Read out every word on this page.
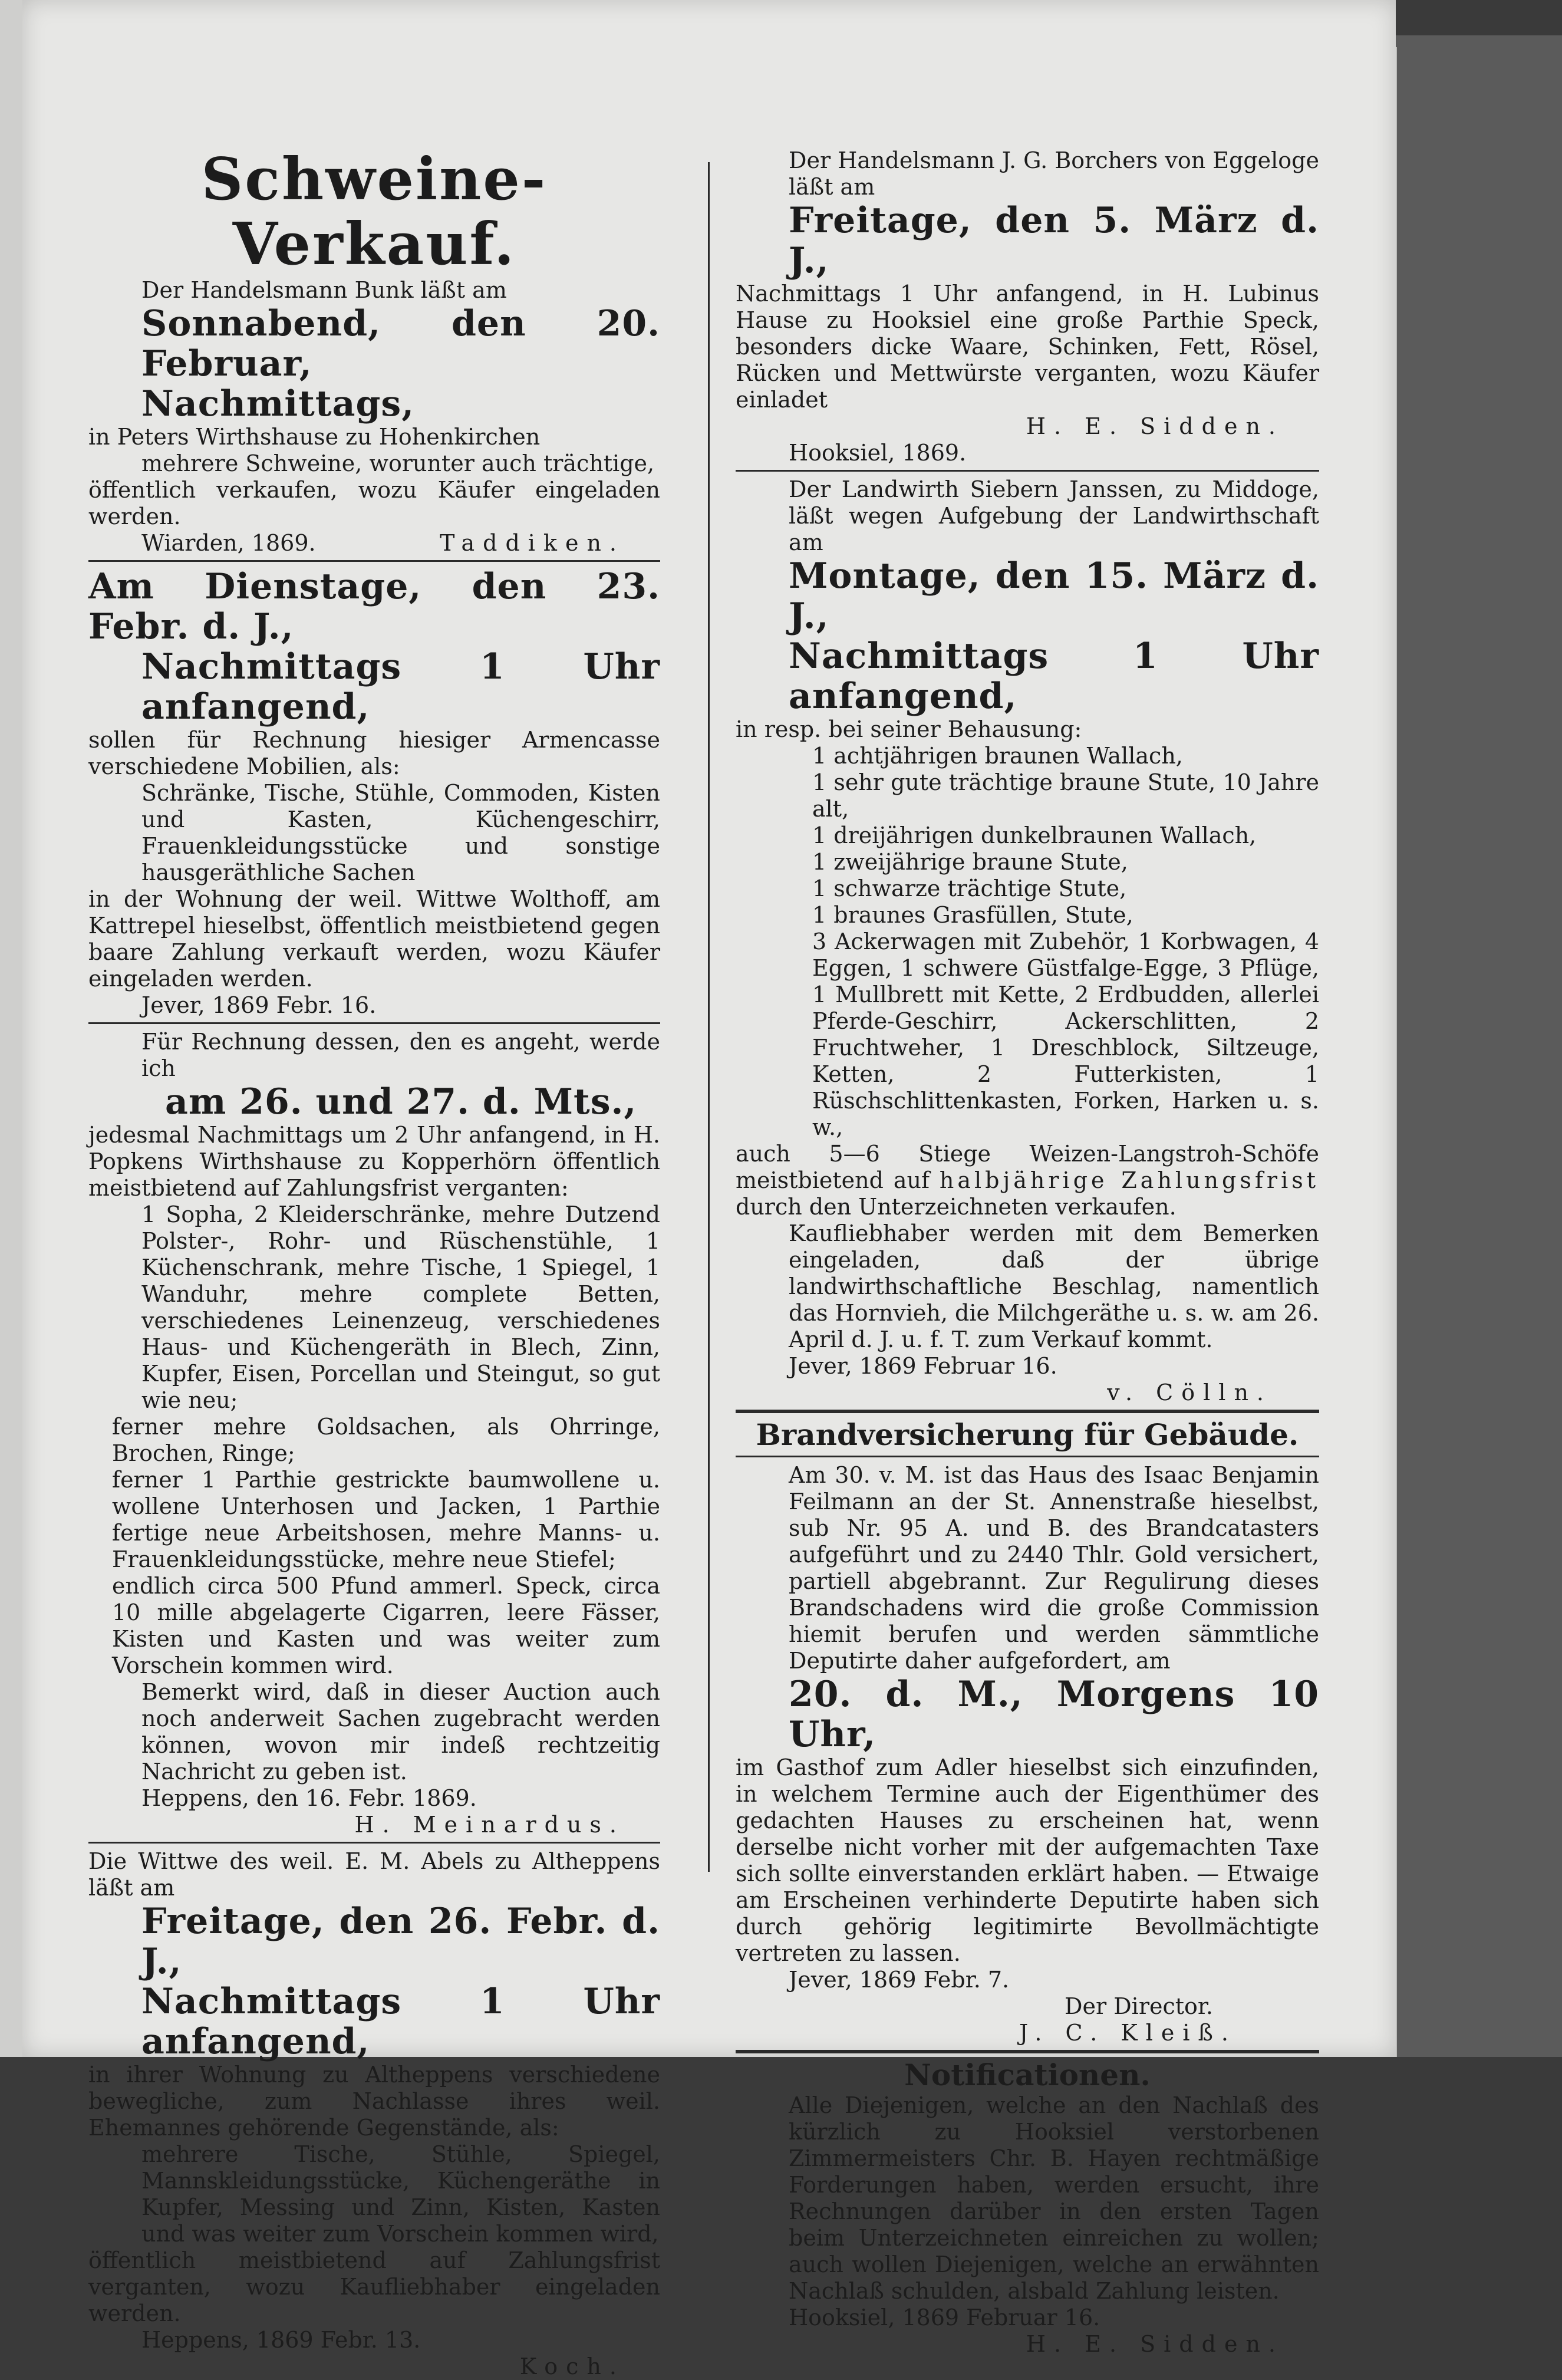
Schweine-Verkauf.

Der Handelsmann Bunk läßt am

Sonnabend, den 20. Februar,

Nachmittags,

in Peters Wirthshause zu Hohenkirchen

mehrere Schweine, worunter auch trächtige,

öffentlich verkaufen, wozu Käufer eingeladen werden.

Wiarden, 1869.	Taddiken.

Am Dienstage, den 23. Febr. d. J.,

Nachmittags 1 Uhr anfangend,

sollen für Rechnung hiesiger Armencasse verschiedene Mobilien, als:

Schränke, Tische, Stühle, Commoden, Kisten und Kasten, Küchengeschirr, Frauenkleidungsstücke und sonstige hausgeräthliche Sachen

in der Wohnung der weil. Wittwe Wolthoff, am Kattrepel hieselbst, öffentlich meistbietend gegen baare Zahlung verkauft werden, wozu Käufer eingeladen werden.

Jever, 1869 Febr. 16.

Für Rechnung dessen, den es angeht, werde ich

am 26. und 27. d. Mts.,

jedesmal Nachmittags um 2 Uhr anfangend, in H. Popkens Wirthshause zu Kopperhörn öffentlich meistbietend auf Zahlungsfrist verganten:

1 Sopha, 2 Kleiderschränke, mehre Dutzend Polster-, Rohr- und Rüschenstühle, 1 Küchenschrank, mehre Tische, 1 Spiegel, 1 Wanduhr, mehre complete Betten, verschiedenes Leinenzeug, verschiedenes Haus- und Küchengeräth in Blech, Zinn, Kupfer, Eisen, Porcellan und Steingut, so gut wie neu;

ferner mehre Goldsachen, als Ohrringe, Brochen, Ringe;

ferner 1 Parthie gestrickte baumwollene u. wollene Unterhosen und Jacken, 1 Parthie fertige neue Arbeitshosen, mehre Manns- u. Frauenkleidungsstücke, mehre neue Stiefel;

endlich circa 500 Pfund ammerl. Speck, circa 10 mille abgelagerte Cigarren, leere Fässer, Kisten und Kasten und was weiter zum Vorschein kommen wird.

Bemerkt wird, daß in dieser Auction auch noch anderweit Sachen zugebracht werden können, wovon mir indeß rechtzeitig Nachricht zu geben ist.

Heppens, den 16. Febr. 1869.

H. Meinardus.

Die Wittwe des weil. E. M. Abels zu Altheppens läßt am

Freitage, den 26. Febr. d. J.,

Nachmittags 1 Uhr anfangend,

in ihrer Wohnung zu Altheppens verschiedene bewegliche, zum Nachlasse ihres weil. Ehemannes gehörende Gegenstände, als:

mehrere Tische, Stühle, Spiegel, Mannskleidungsstücke, Küchengeräthe in Kupfer, Messing und Zinn, Kisten, Kasten und was weiter zum Vorschein kommen wird,

öffentlich meistbietend auf Zahlungsfrist verganten, wozu Kaufliebhaber eingeladen werden.

Heppens, 1869 Febr. 13.

Koch.

Der Handelsmann J. G. Borchers von Eggeloge läßt am

Freitage, den 5. März d. J.,

Nachmittags 1 Uhr anfangend, in H. Lubinus Hause zu Hooksiel eine große Parthie Speck, besonders dicke Waare, Schinken, Fett, Rösel, Rücken und Mettwürste verganten, wozu Käufer einladet

H. E. Sidden.

Hooksiel, 1869.

Der Landwirth Siebern Janssen, zu Middoge, läßt wegen Aufgebung der Landwirthschaft am

Montage, den 15. März d. J.,

Nachmittags 1 Uhr anfangend,

in resp. bei seiner Behausung:

1 achtjährigen braunen Wallach,

1 sehr gute trächtige braune Stute, 10 Jahre alt,

1 dreijährigen dunkelbraunen Wallach,

1 zweijährige braune Stute,

1 schwarze trächtige Stute,

1 braunes Grasfüllen, Stute,

3 Ackerwagen mit Zubehör, 1 Korbwagen, 4 Eggen, 1 schwere Güstfalge-Egge, 3 Pflüge, 1 Mullbrett mit Kette, 2 Erdbudden, allerlei Pferde-Geschirr, Ackerschlitten, 2 Fruchtweher, 1 Dreschblock, Siltzeuge, Ketten, 2 Futterkisten, 1 Rüschschlittenkasten, Forken, Harken u. s. w.,

auch 5—6 Stiege Weizen-Langstroh-Schöfe meistbietend auf halbjährige Zahlungsfrist durch den Unterzeichneten verkaufen.

Kaufliebhaber werden mit dem Bemerken eingeladen, daß der übrige landwirthschaftliche Beschlag, namentlich das Hornvieh, die Milchgeräthe u. s. w. am 26. April d. J. u. f. T. zum Verkauf kommt.

Jever, 1869 Februar 16.

v. Cölln.

Brandversicherung für Gebäude.

Am 30. v. M. ist das Haus des Isaac Benjamin Feilmann an der St. Annenstraße hieselbst, sub Nr. 95 A. und B. des Brandcatasters aufgeführt und zu 2440 Thlr. Gold versichert, partiell abgebrannt. Zur Regulirung dieses Brandschadens wird die große Commission hiemit berufen und werden sämmtliche Deputirte daher aufgefordert, am

20. d. M., Morgens 10 Uhr,

im Gasthof zum Adler hieselbst sich einzufinden, in welchem Termine auch der Eigenthümer des gedachten Hauses zu erscheinen hat, wenn derselbe nicht vorher mit der aufgemachten Taxe sich sollte einverstanden erklärt haben. — Etwaige am Erscheinen verhinderte Deputirte haben sich durch gehörig legitimirte Bevollmächtigte vertreten zu lassen.

Jever, 1869 Febr. 7.

Der Director.

J. C. Kleiß.

Notificationen.

Alle Diejenigen, welche an den Nachlaß des kürzlich zu Hooksiel verstorbenen Zimmermeisters Chr. B. Hayen rechtmäßige Forderungen haben, werden ersucht, ihre Rechnungen darüber in den ersten Tagen beim Unterzeichneten einreichen zu wollen; auch wollen Diejenigen, welche an erwähnten Nachlaß schulden, alsbald Zahlung leisten.

Hooksiel, 1869 Februar 16.

H. E. Sidden.
